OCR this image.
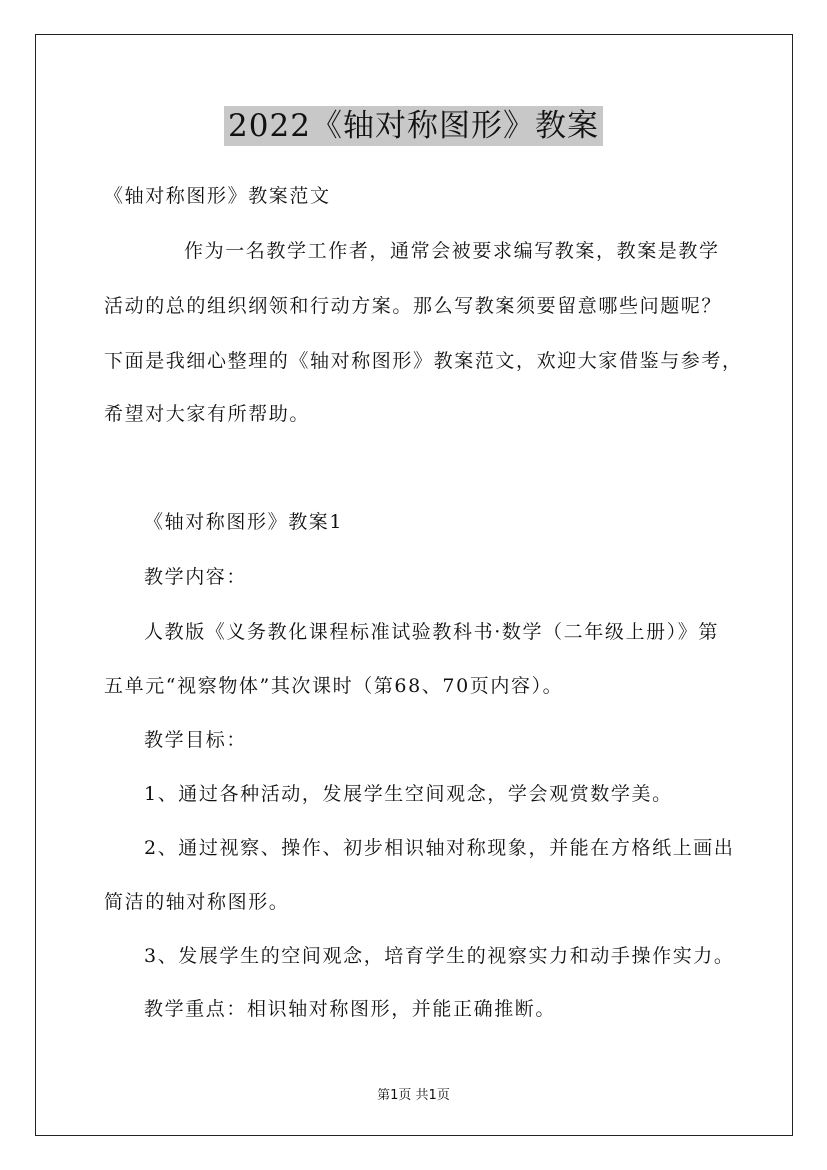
2022《轴对称图形》教案
《轴对称图形》教案范文
作为一名教学工作者，通常会被要求编写教案，教案是教学
活动的总的组织纲领和行动方案。那么写教案须要留意哪些问题呢？
下面是我细心整理的《轴对称图形》教案范文，欢迎大家借鉴与参考，
希望对大家有所帮助。
《轴对称图形》教案1
教学内容：
人教版《义务教化课程标准试验教科书·数学（二年级上册）》第
五单元“视察物体”其次课时（第68、70页内容）。
教学目标：
1、通过各种活动，发展学生空间观念，学会观赏数学美。
2、通过视察、操作、初步相识轴对称现象，并能在方格纸上画出
简洁的轴对称图形。
3、发展学生的空间观念，培育学生的视察实力和动手操作实力。
教学重点：相识轴对称图形，并能正确推断。
第1页 共1页
